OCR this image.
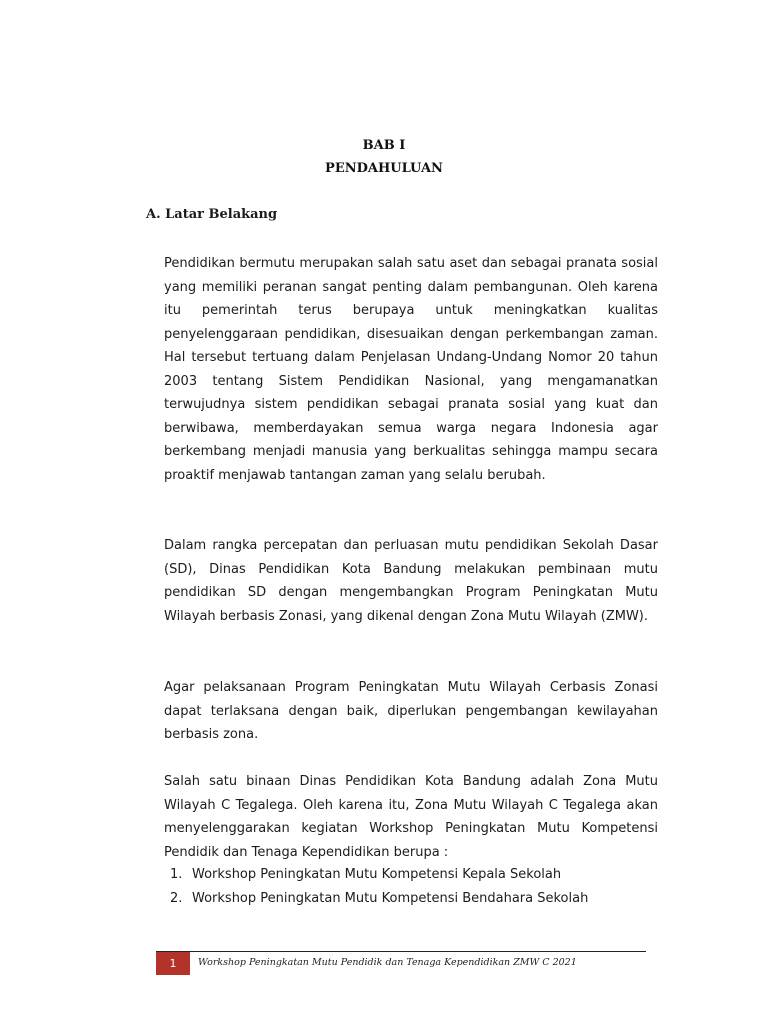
BAB I
PENDAHULUAN
A. Latar Belakang

Pendidikan bermutu merupakan salah satu aset dan sebagai pranata sosial yang memiliki peranan sangat penting dalam pembangunan. Oleh karena itu pemerintah terus berupaya untuk meningkatkan kualitas penyelenggaraan pendidikan, disesuaikan dengan perkembangan zaman. Hal tersebut tertuang dalam Penjelasan Undang-Undang Nomor 20 tahun 2003 tentang Sistem Pendidikan Nasional, yang mengamanatkan terwujudnya sistem pendidikan sebagai pranata sosial yang kuat dan berwibawa, memberdayakan semua warga negara Indonesia agar berkembang menjadi manusia yang berkualitas sehingga mampu secara proaktif menjawab tantangan zaman yang selalu berubah.

Dalam rangka percepatan dan perluasan mutu pendidikan Sekolah Dasar (SD), Dinas Pendidikan Kota Bandung melakukan pembinaan mutu pendidikan SD dengan mengembangkan Program Peningkatan Mutu Wilayah berbasis Zonasi, yang dikenal dengan Zona Mutu Wilayah (ZMW).

Agar pelaksanaan Program Peningkatan Mutu Wilayah Cerbasis Zonasi dapat terlaksana dengan baik, diperlukan pengembangan kewilayahan berbasis zona.

Salah satu binaan Dinas Pendidikan Kota Bandung adalah Zona Mutu Wilayah C Tegalega. Oleh karena itu, Zona Mutu Wilayah C Tegalega akan menyelenggarakan kegiatan Workshop Peningkatan Mutu Kompetensi Pendidik dan Tenaga Kependidikan berupa :

1. Workshop Peningkatan Mutu Kompetensi Kepala Sekolah
2. Workshop Peningkatan Mutu Kompetensi Bendahara Sekolah
1 Workshop Peningkatan Mutu Pendidik dan Tenaga Kependidikan ZMW C 2021
